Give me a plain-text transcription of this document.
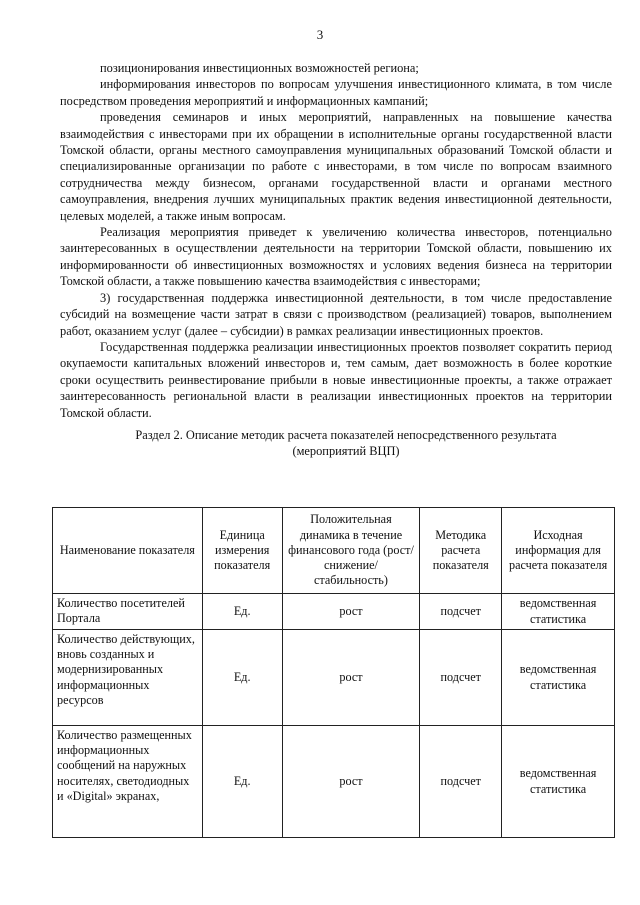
3

позиционирования инвестиционных возможностей региона;

информирования инвесторов по вопросам улучшения инвестиционного климата, в том числе посредством проведения мероприятий и информационных кампаний;

проведения семинаров и иных мероприятий, направленных на повышение качества взаимодействия с инвесторами при их обращении в исполнительные органы государственной власти Томской области, органы местного самоуправления муниципальных образований Томской области и специализированные организации по работе с инвесторами, в том числе по вопросам взаимного сотрудничества между бизнесом, органами государственной власти и органами местного самоуправления, внедрения лучших муниципальных практик ведения инвестиционной деятельности, целевых моделей, а также иным вопросам.

Реализация мероприятия приведет к увеличению количества инвесторов, потенциально заинтересованных в осуществлении деятельности на территории Томской области, повышению их информированности об инвестиционных возможностях и условиях ведения бизнеса на территории Томской области, а также повышению качества взаимодействия с инвесторами;

3) государственная поддержка инвестиционной деятельности, в том числе предоставление субсидий на возмещение части затрат в связи с производством (реализацией) товаров, выполнением работ, оказанием услуг (далее – субсидии) в рамках реализации инвестиционных проектов.

Государственная поддержка реализации инвестиционных проектов позволяет сократить период окупаемости капитальных вложений инвесторов и, тем самым, дает возможность в более короткие сроки осуществить реинвестирование прибыли в новые инвестиционные проекты, а также отражает заинтересованность региональной власти в реализации инвестиционных проектов на территории Томской области.

Раздел 2. Описание методик расчета показателей непосредственного результата
(мероприятий ВЦП)

Наименование показателя	Единица измерения показателя	Положительная динамика в течение финансового года (рост/ снижение/ стабильность)	Методика расчета показателя	Исходная информация для расчета показателя
Количество посетителей Портала	Ед.	рост	подсчет	ведомственная статистика
Количество действующих, вновь созданных и модернизированных информационных ресурсов	Ед.	рост	подсчет	ведомственная статистика
Количество размещенных информационных сообщений на наружных носителях, светодиодных и «Digital» экранах,	Ед.	рост	подсчет	ведомственная статистика
